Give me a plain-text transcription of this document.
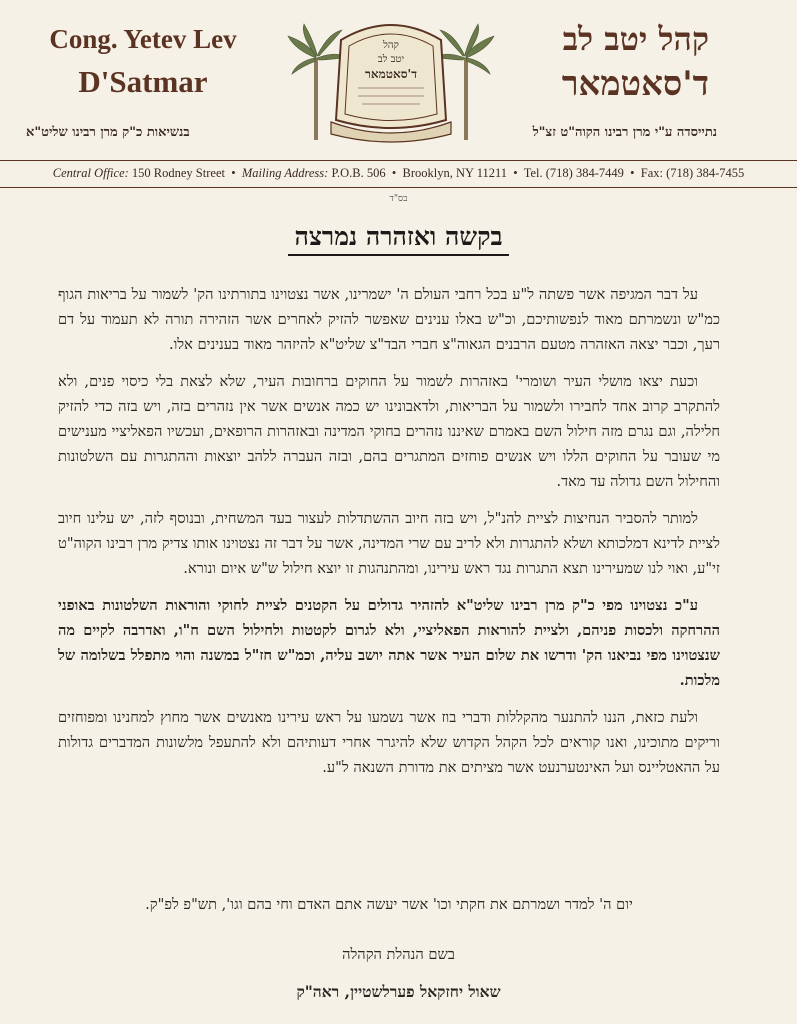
Cong. Yetev Lev
D'Satmar
קהל יטב לב
ד'סאטמאר
בנשיאות כ"ק מרן רבינו שליט"א	נתייסדה ע"י מרן רבינו הקוה"ט זצ"ל
קהל
יטב לב
ד'סאטמאר
Central Office: 150 Rodney Street • Mailing Address: P.O.B. 506 • Brooklyn, NY 11211 • Tel. (718) 384-7449 • Fax: (718) 384-7455
בס"ד
בקשה ואזהרה נמרצה

על דבר המגיפה אשר פשתה ל"ע בכל רחבי העולם ה' ישמרינו, אשר נצטוינו בתורתינו הק' לשמור על בריאות הגוף כמ"ש ונשמרתם מאוד לנפשותיכם, וכ"ש באלו ענינים שאפשר להזיק לאחרים אשר הזהירה תורה לא תעמוד על דם רעך, וכבר יצאה האזהרה מטעם הרבנים הגאוה"צ חברי הבד"צ שליט"א להיזהר מאוד בענינים אלו.

וכעת יצאו מושלי העיר ושומרי' באזהרות לשמור על החוקים ברחובות העיר, שלא לצאת בלי כיסוי פנים, ולא להתקרב קרוב אחד לחבירו ולשמור על הבריאות, ולדאבונינו יש כמה אנשים אשר אין נזהרים בזה, ויש בזה כדי להזיק חלילה, וגם נגרם מזה חילול השם באמרם שאיננו נזהרים בחוקי המדינה ובאזהרות הרופאים, ועכשיו הפאליציי מענישים מי שעובר על החוקים הללו ויש אנשים פוחזים המתגרים בהם, ובזה העברה ללהב יוצאות וההתגרות עם השלטונות והחילול השם גדולה עד מאד.

למותר להסביר הנחיצות לציית להנ"ל, ויש בזה חיוב ההשתדלות לעצור בעד המשחית, ובנוסף לזה, יש עלינו חיוב לציית לדינא דמלכותא ושלא להתגרות ולא לריב עם שרי המדינה, אשר על דבר זה נצטוינו אותו צדיק מרן רבינו הקוה"ט זי"ע, ואוי לנו שמעירינו תצא התגרות נגד ראש עירינו, ומהתנהגות זו יוצא חילול ש"ש איום ונורא.

ע"כ נצטוינו מפי כ"ק מרן רבינו שליט"א להזהיר גדולים על הקטנים לציית לחוקי והוראות השלטונות באופני ההרחקה ולכסות פניהם, ולציית להוראות הפאליציי, ולא לגרום לקטטות ולחילול השם ח"ו, ואדרבה לקיים מה שנצטוינו מפי נביאנו הק' ודרשו את שלום העיר אשר אתה יושב עליה, וכמ"ש חז"ל במשנה והוי מתפלל בשלומה של מלכות.

ולעת כזאת, הננו להתנער מהקללות ודברי בוז אשר נשמעו על ראש עירינו מאנשים אשר מחוץ למחנינו ומפוחזים וריקים מתוכינו, ואנו קוראים לכל הקהל הקדוש שלא להיגרר אחרי דעותיהם ולא להתעפל מלשונות המדברים גדולות על ההאטליינס ועל האינטערנעט אשר מציתים את מדורת השנאה ל"ע.

יום ה' למדר ושמרתם את חקתי וכו' אשר יעשה אתם האדם וחי בהם וגו', תש"פ לפ"ק.
בשם הנהלת הקהלה
שאול יחזקאל פערלשטיין, ראה"ק
